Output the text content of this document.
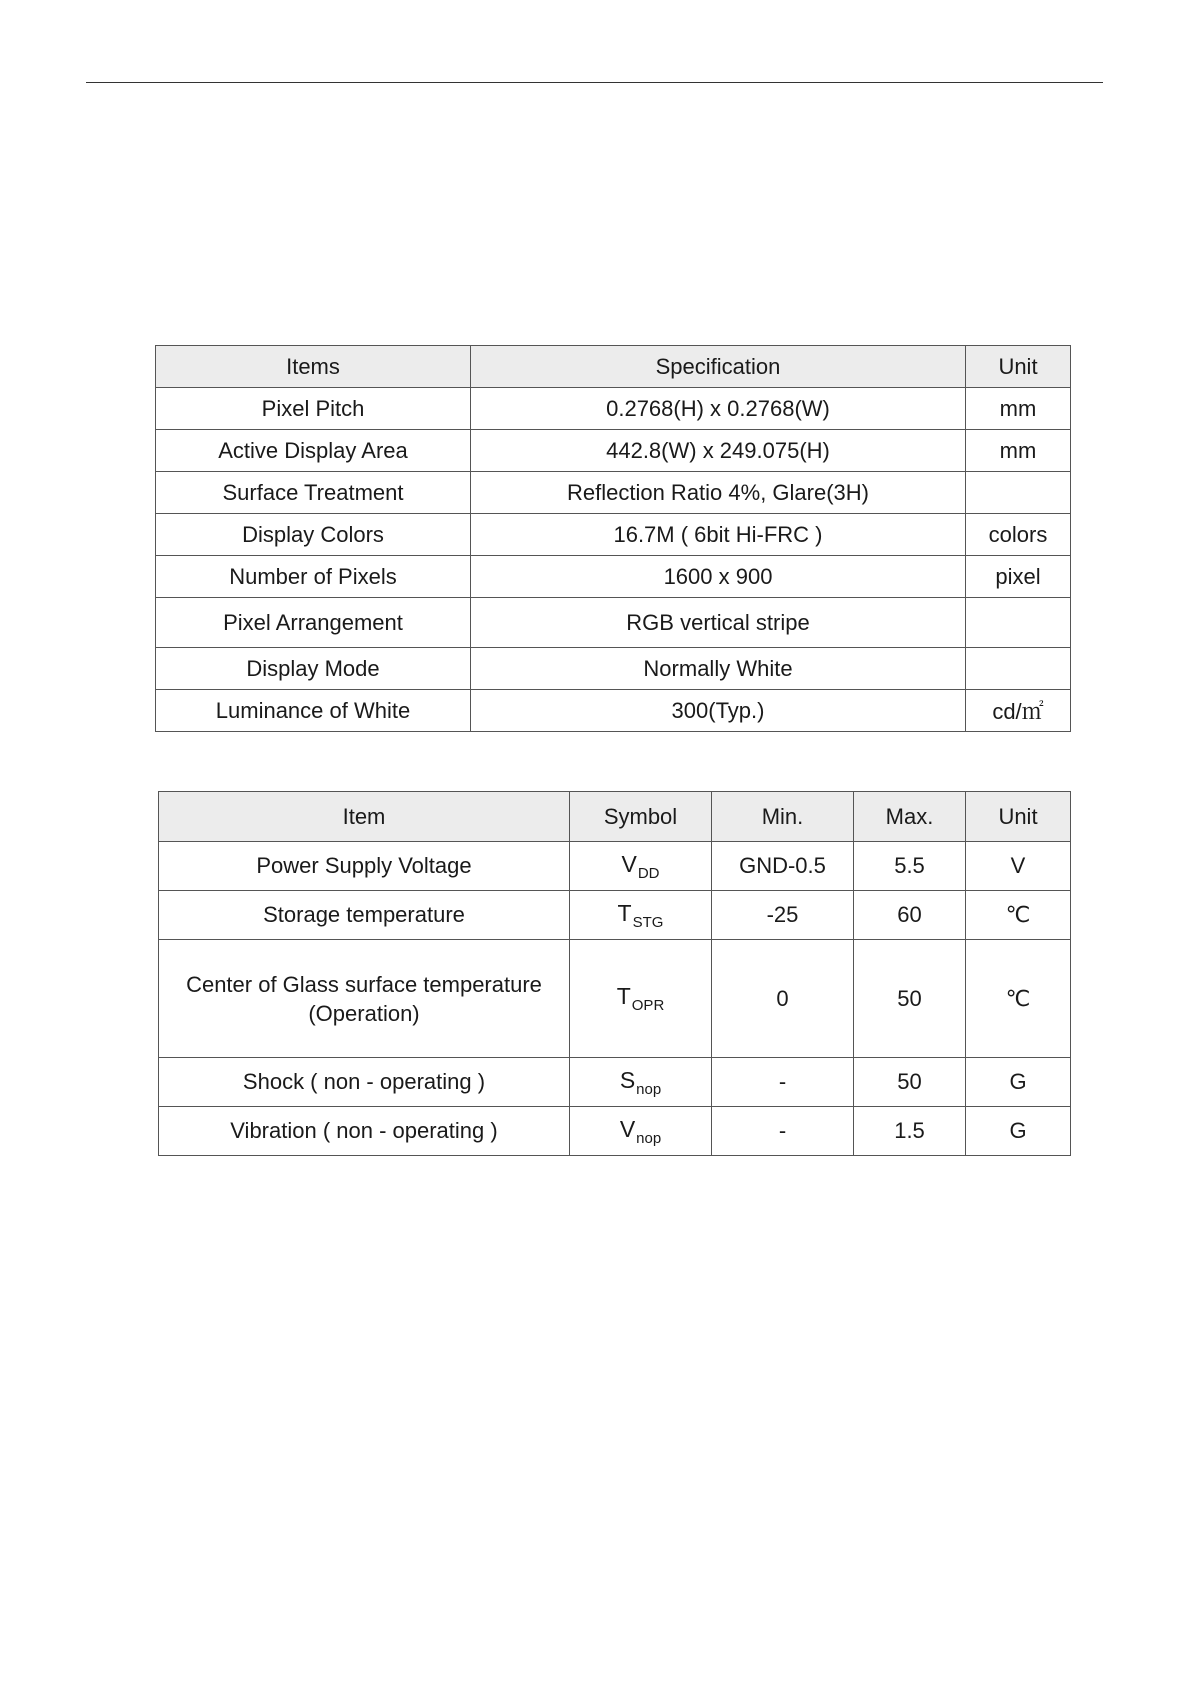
Items	Specification	Unit
Pixel Pitch	0.2768(H) x 0.2768(W)	mm
Active Display Area	442.8(W) x 249.075(H)	mm
Surface Treatment	Reflection Ratio 4%, Glare(3H)	
Display Colors	16.7M ( 6bit Hi-FRC )	colors
Number of Pixels	1600 x 900	pixel
Pixel Arrangement	RGB vertical stripe	
Display Mode	Normally White	
Luminance of White	300(Typ.)	cd/㎡
Item	Symbol	Min.	Max.	Unit
Power Supply Voltage	$V_{DD}$	GND-0.5	5.5	V
Storage temperature	$T_{STG}$	-25	60	℃
Center of Glass surface temperature
(Operation)	$T_{OPR}$	0	50	℃
Shock ( non - operating )	$S_{nop}$	-	50	G
Vibration ( non - operating )	$V_{nop}$	-	1.5	G
